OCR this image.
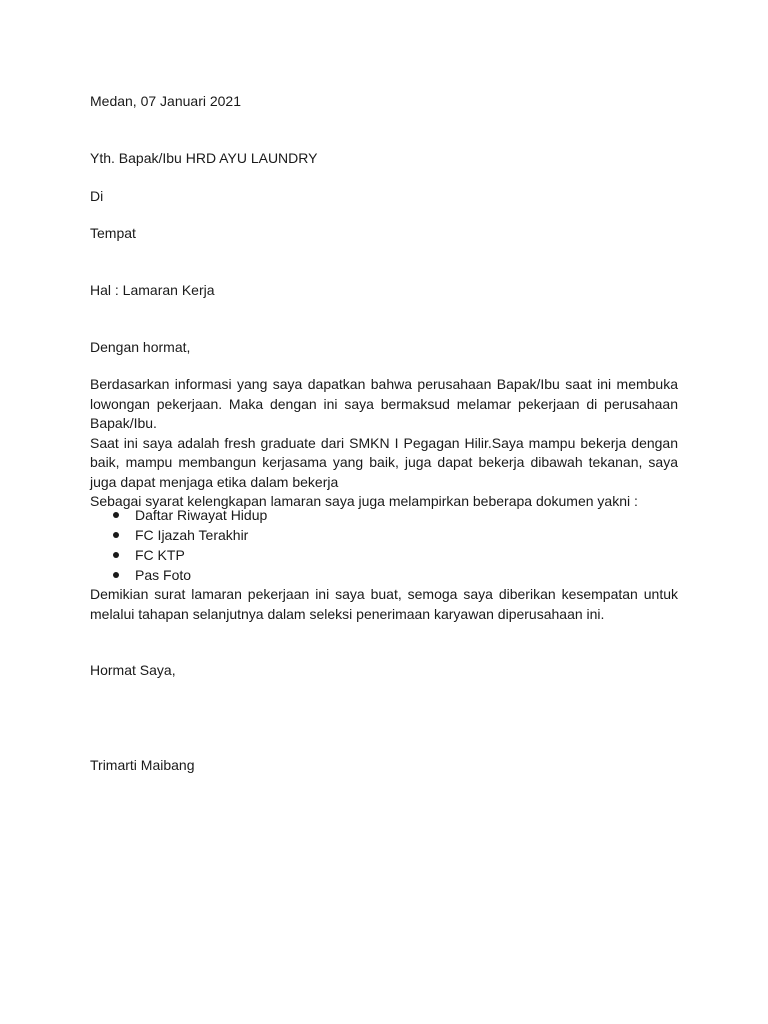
Medan, 07 Januari 2021
Yth. Bapak/Ibu HRD AYU LAUNDRY
Di
Tempat
Hal : Lamaran Kerja
Dengan hormat,

Berdasarkan informasi yang saya dapatkan bahwa perusahaan Bapak/Ibu saat ini membuka lowongan pekerjaan. Maka dengan ini saya bermaksud melamar pekerjaan di perusahaan Bapak/Ibu.

Saat ini saya adalah fresh graduate dari SMKN I Pegagan Hilir.Saya mampu bekerja dengan baik, mampu membangun kerjasama yang baik, juga dapat bekerja dibawah tekanan, saya juga dapat menjaga etika dalam bekerja

Sebagai syarat kelengkapan lamaran saya juga melampirkan beberapa dokumen yakni :

Daftar Riwayat Hidup
FC Ijazah Terakhir
FC KTP
Pas Foto
Demikian surat lamaran pekerjaan ini saya buat, semoga saya diberikan kesempatan untuk melalui tahapan selanjutnya dalam seleksi penerimaan karyawan diperusahaan ini.
Hormat Saya,
Trimarti Maibang
